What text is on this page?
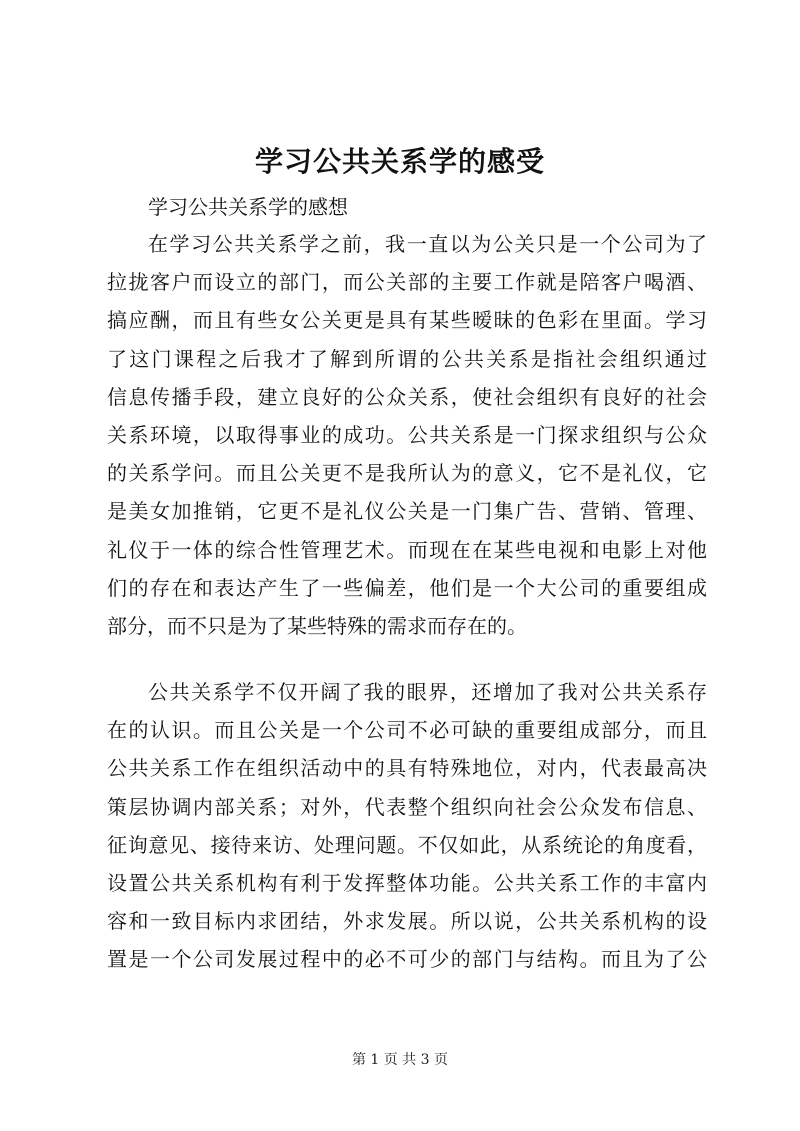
学习公共关系学的感受
学习公共关系学的感想
在学习公共关系学之前，我一直以为公关只是一个公司为了
拉拢客户而设立的部门，而公关部的主要工作就是陪客户喝酒、
搞应酬，而且有些女公关更是具有某些暧昧的色彩在里面。学习
了这门课程之后我才了解到所谓的公共关系是指社会组织通过
信息传播手段，建立良好的公众关系，使社会组织有良好的社会
关系环境，以取得事业的成功。公共关系是一门探求组织与公众
的关系学问。而且公关更不是我所认为的意义，它不是礼仪，它
是美女加推销，它更不是礼仪公关是一门集广告、营销、管理、
礼仪于一体的综合性管理艺术。而现在在某些电视和电影上对他
们的存在和表达产生了一些偏差，他们是一个大公司的重要组成
部分，而不只是为了某些特殊的需求而存在的。
公共关系学不仅开阔了我的眼界，还增加了我对公共关系存
在的认识。而且公关是一个公司不必可缺的重要组成部分，而且
公共关系工作在组织活动中的具有特殊地位，对内，代表最高决
策层协调内部关系；对外，代表整个组织向社会公众发布信息、
征询意见、接待来访、处理问题。不仅如此，从系统论的角度看，
设置公共关系机构有利于发挥整体功能。公共关系工作的丰富内
容和一致目标内求团结，外求发展。所以说，公共关系机构的设
置是一个公司发展过程中的必不可少的部门与结构。而且为了公
第 1 页 共 3 页
